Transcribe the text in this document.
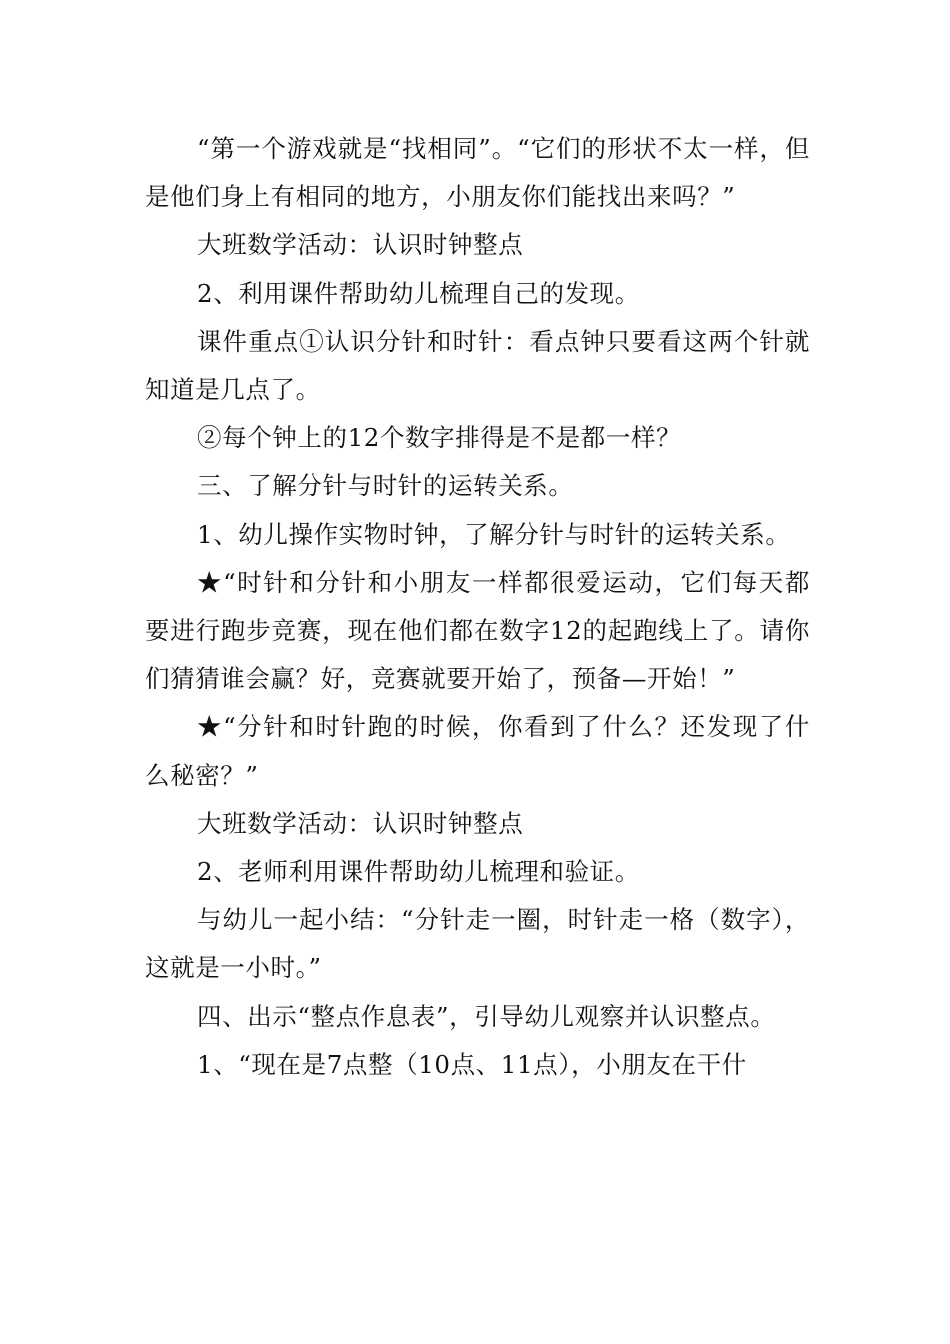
“第一个游戏就是“找相同”。“它们的形状不太一样，但是他们身上有相同的地方，小朋友你们能找出来吗？”

大班数学活动：认识时钟整点

2、利用课件帮助幼儿梳理自己的发现。

课件重点①认识分针和时针：看点钟只要看这两个针就知道是几点了。

②每个钟上的12个数字排得是不是都一样？

三、了解分针与时针的运转关系。

1、幼儿操作实物时钟，了解分针与时针的运转关系。

★“时针和分针和小朋友一样都很爱运动，它们每天都要进行跑步竞赛，现在他们都在数字12的起跑线上了。请你们猜猜谁会赢？好，竞赛就要开始了，预备—开始！”

★“分针和时针跑的时候，你看到了什么？还发现了什么秘密？”

大班数学活动：认识时钟整点

2、老师利用课件帮助幼儿梳理和验证。

与幼儿一起小结：“分针走一圈，时针走一格（数字），这就是一小时。”

四、出示“整点作息表”，引导幼儿观察并认识整点。

1、“现在是7点整（10点、11点），小朋友在干什
